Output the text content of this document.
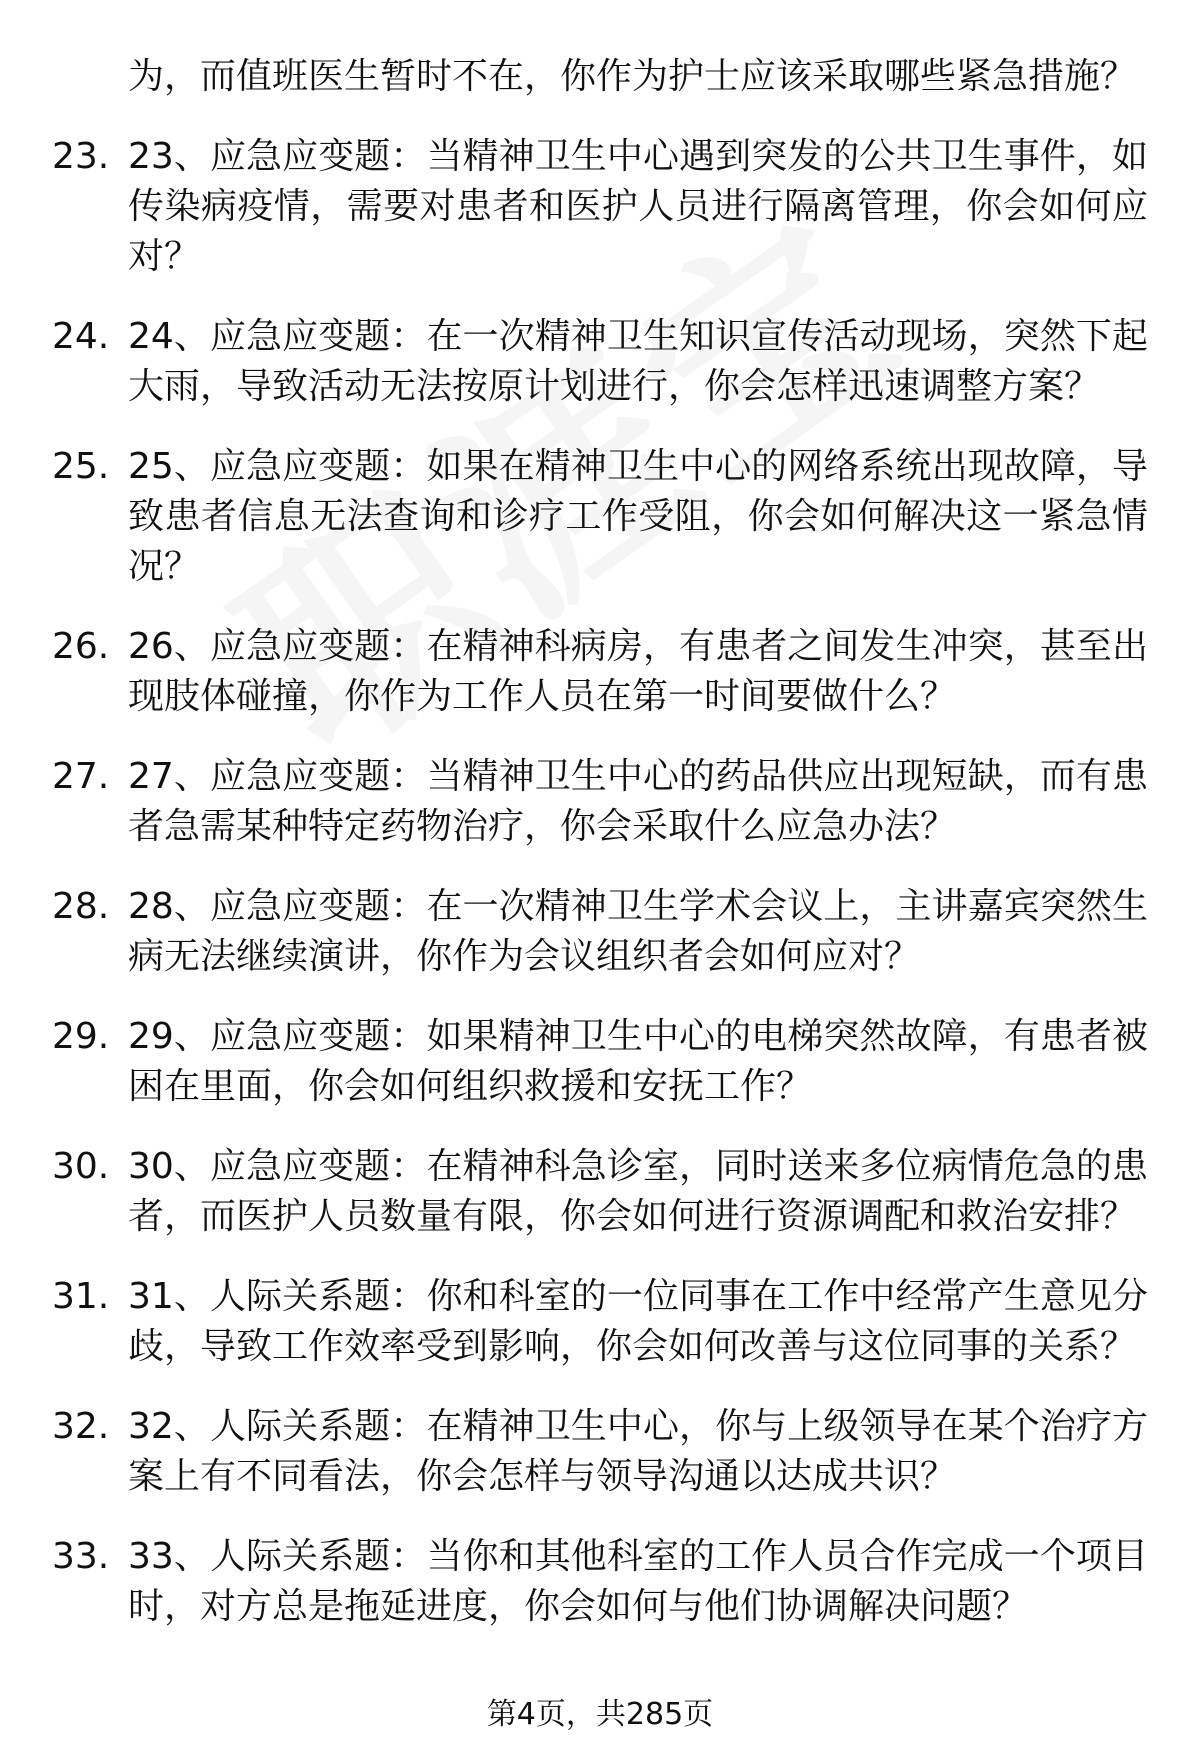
为，而值班医生暂时不在，你作为护士应该采取哪些紧急措施？
23. 23、应急应变题：当精神卫生中心遇到突发的公共卫生事件，如传染病疫情，需要对患者和医护人员进行隔离管理，你会如何应对？
24. 24、应急应变题：在一次精神卫生知识宣传活动现场，突然下起大雨，导致活动无法按原计划进行，你会怎样迅速调整方案？
25. 25、应急应变题：如果在精神卫生中心的网络系统出现故障，导致患者信息无法查询和诊疗工作受阻，你会如何解决这一紧急情况？
26. 26、应急应变题：在精神科病房，有患者之间发生冲突，甚至出现肢体碰撞，你作为工作人员在第一时间要做什么？
27. 27、应急应变题：当精神卫生中心的药品供应出现短缺，而有患者急需某种特定药物治疗，你会采取什么应急办法？
28. 28、应急应变题：在一次精神卫生学术会议上，主讲嘉宾突然生病无法继续演讲，你作为会议组织者会如何应对？
29. 29、应急应变题：如果精神卫生中心的电梯突然故障，有患者被困在里面，你会如何组织救援和安抚工作？
30. 30、应急应变题：在精神科急诊室，同时送来多位病情危急的患者，而医护人员数量有限，你会如何进行资源调配和救治安排？
31. 31、人际关系题：你和科室的一位同事在工作中经常产生意见分歧，导致工作效率受到影响，你会如何改善与这位同事的关系？
32. 32、人际关系题：在精神卫生中心，你与上级领导在某个治疗方案上有不同看法，你会怎样与领导沟通以达成共识？
33. 33、人际关系题：当你和其他科室的工作人员合作完成一个项目时，对方总是拖延进度，你会如何与他们协调解决问题？
第4页，共285页
